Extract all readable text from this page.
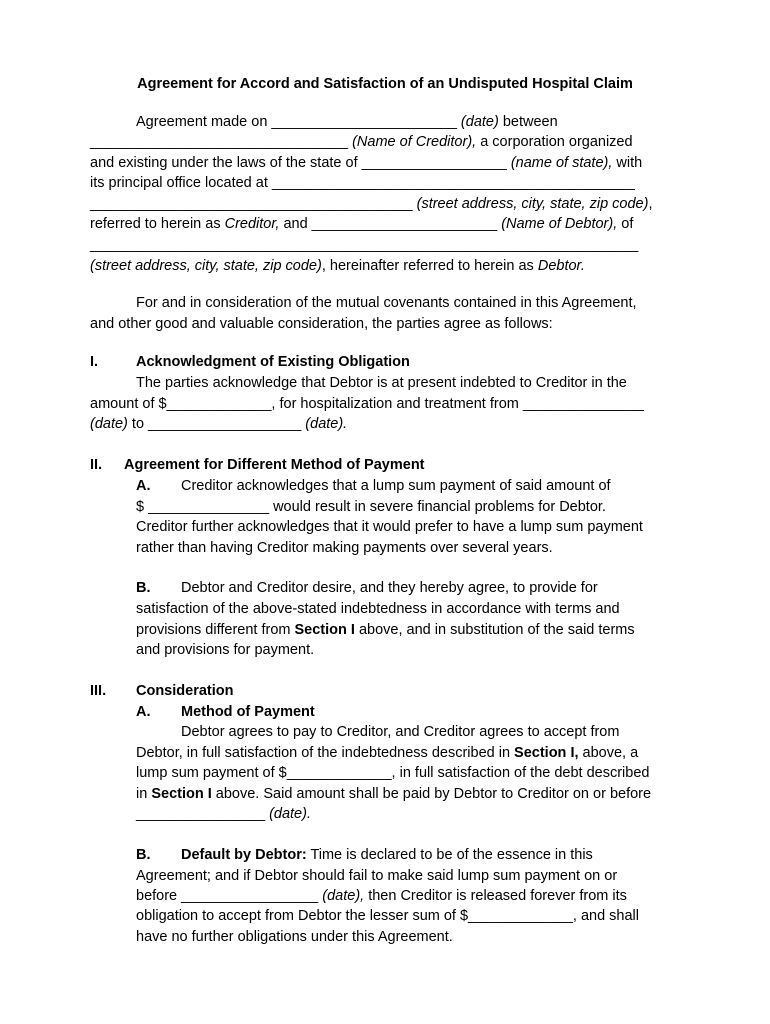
Agreement for Accord and Satisfaction of an Undisputed Hospital Claim
Agreement made on _______________________ (date) between
________________________________ (Name of Creditor), a corporation organized
and existing under the laws of the state of __________________ (name of state), with
its principal office located at _____________________________________________
________________________________________ (street address, city, state, zip code),
referred to herein as Creditor, and _______________________ (Name of Debtor), of
____________________________________________________________________
(street address, city, state, zip code), hereinafter referred to herein as Debtor.
For and in consideration of the mutual covenants contained in this Agreement,
and other good and valuable consideration, the parties agree as follows:
I.	Acknowledgment of Existing Obligation
The parties acknowledge that Debtor is at present indebted to Creditor in the
amount of $_____________, for hospitalization and treatment from _______________
(date) to ___________________ (date).
II. Agreement for Different Method of Payment
A. Creditor acknowledges that a lump sum payment of said amount of
$ _______________ would result in severe financial problems for Debtor.
Creditor further acknowledges that it would prefer to have a lump sum payment
rather than having Creditor making payments over several years.
B. Debtor and Creditor desire, and they hereby agree, to provide for
satisfaction of the above-stated indebtedness in accordance with terms and
provisions different from Section I above, and in substitution of the said terms
and provisions for payment.
III. Consideration
A. Method of Payment
Debtor agrees to pay to Creditor, and Creditor agrees to accept from
Debtor, in full satisfaction of the indebtedness described in Section I, above, a
lump sum payment of $_____________, in full satisfaction of the debt described
in Section I above. Said amount shall be paid by Debtor to Creditor on or before
________________ (date).
B. Default by Debtor: Time is declared to be of the essence in this
Agreement; and if Debtor should fail to make said lump sum payment on or
before _________________ (date), then Creditor is released forever from its
obligation to accept from Debtor the lesser sum of $_____________, and shall
have no further obligations under this Agreement.
